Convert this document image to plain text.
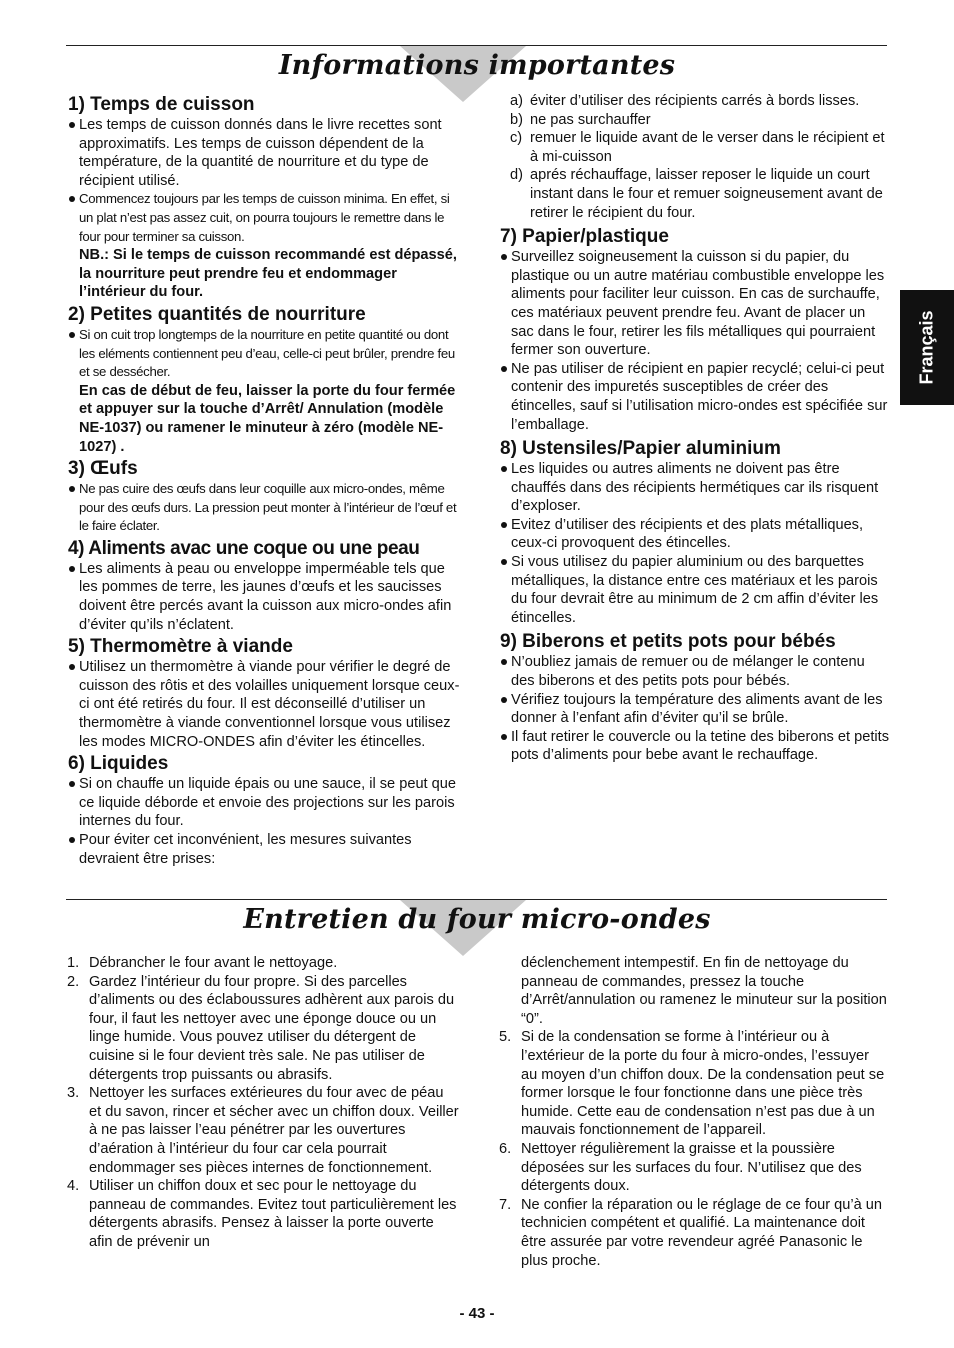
Informations importantes
Français
1) Temps de cuisson
Les temps de cuisson donnés dans le livre recettes sont approximatifs. Les temps de cuisson dépendent de la température, de la quantité de nourriture et du type de récipient utilisé.
Commencez toujours par les temps de cuisson minima. En effet, si un plat n’est pas assez cuit, on pourra toujours le remettre dans le four pour terminer sa cuisson.
NB.: Si le temps de cuisson recommandé est dépassé, la nourriture peut prendre feu et endommager l’intérieur du four.
2) Petites quantités de nourriture
Si on cuit trop longtemps de la nourriture en petite quantité ou dont les eléments contiennent peu d’eau, celle-ci peut brûler, prendre feu et se dessécher.
En cas de début de feu, laisser la porte du four fermée et appuyer sur la touche d’Arrêt/ Annulation (modèle NE-1037) ou ramener le minuteur à zéro (modèle NE-1027) .
3) Œufs
Ne pas cuire des œufs dans leur coquille aux micro-ondes, même pour des œufs durs. La pression peut monter à l’intérieur de l’œuf et le faire éclater.
4) Aliments avac une coque ou une peau
Les aliments à peau ou enveloppe imperméable tels que les pommes de terre, les jaunes d’œufs et les saucisses doivent être percés avant la cuisson aux micro-ondes afin d’éviter qu’ils n’éclatent.
5) Thermomètre à viande
Utilisez un thermomètre à viande pour vérifier le degré de cuisson des rôtis et des volailles uniquement lorsque ceux-ci ont été retirés du four. Il est déconseillé d’utiliser un thermomètre à viande conventionnel lorsque vous utilisez les modes MICRO-ONDES afin d’éviter les étincelles.
6) Liquides
Si on chauffe un liquide épais ou une sauce, il se peut que ce liquide déborde et envoie des projections sur les parois internes du four.
Pour éviter cet inconvénient, les mesures suivantes devraient être prises:
a) éviter d’utiliser des récipients carrés à bords lisses.
b) ne pas surchauffer
c) remuer le liquide avant de le verser dans le récipient et à mi-cuisson
d) aprés réchauffage, laisser reposer le liquide un court instant dans le four et remuer soigneusement avant de retirer le récipient du four.
7) Papier/plastique
Surveillez soigneusement la cuisson si du papier, du plastique ou un autre matériau combustible enveloppe les aliments pour faciliter leur cuisson. En cas de surchauffe, ces matériaux peuvent prendre feu. Avant de placer un sac dans le four, retirer les fils métalliques qui pourraient fermer son ouverture.
Ne pas utiliser de récipient en papier recyclé; celui-ci peut contenir des impuretés susceptibles de créer des étincelles, sauf si l’utilisation micro-ondes est spécifiée sur l’emballage.
8) Ustensiles/Papier aluminium
Les liquides ou autres aliments ne doivent pas être chauffés dans des récipients hermétiques car ils risquent d’exploser.
Evitez d’utiliser des récipients et des plats métalliques, ceux-ci provoquent des étincelles.
Si vous utilisez du papier aluminium ou des barquettes métalliques, la distance entre ces matériaux et les parois du four devrait être au minimum de 2 cm affin d’éviter les étincelles.
9) Biberons et petits pots pour bébés
N’oubliez jamais de remuer ou de mélanger le contenu des biberons et des petits pots pour bébés.
Vérifiez toujours la température des aliments avant de les donner à l’enfant afin d’éviter qu’il se brûle.
Il faut retirer le couvercle ou la tetine des biberons et petits pots d’aliments pour bebe avant le rechauffage.
Entretien du four micro-ondes
1. Débrancher le four avant le nettoyage.
2. Gardez l’intérieur du four propre. Si des parcelles d’aliments ou des éclaboussures adhèrent aux parois du four, il faut les nettoyer avec une éponge douce ou un linge humide. Vous pouvez utiliser du détergent de cuisine si le four devient très sale. Ne pas utiliser de détergents trop puissants ou abrasifs.
3. Nettoyer les surfaces extérieures du four avec de péau et du savon, rincer et sécher avec un chiffon doux. Veiller à ne pas laisser l’eau pénétrer par les ouvertures d’aération à l’intérieur du four car cela pourrait endommager ses pièces internes de fonctionnement.
4. Utiliser un chiffon doux et sec pour le nettoyage du panneau de commandes. Evitez tout particulièrement les détergents abrasifs. Pensez à laisser la porte ouverte afin de prévenir un
déclenchement intempestif. En fin de nettoyage du panneau de commandes, pressez la touche d’Arrêt/annulation ou ramenez le minuteur sur la position “0”.
5. Si de la condensation se forme à l’intérieur ou à l’extérieur de la porte du four à micro-ondes, l’essuyer au moyen d’un chiffon doux. De la condensation peut se former lorsque le four fonctionne dans une pièce très humide. Cette eau de condensation n’est pas due à un mauvais fonctionnement de l’appareil.
6. Nettoyer régulièrement la graisse et la poussière déposées sur les surfaces du four. N’utilisez que des détergents doux.
7. Ne confier la réparation ou le réglage de ce four qu’à un technicien compétent et qualifié. La maintenance doit être assurée par votre revendeur agréé Panasonic le plus proche.
- 43 -
